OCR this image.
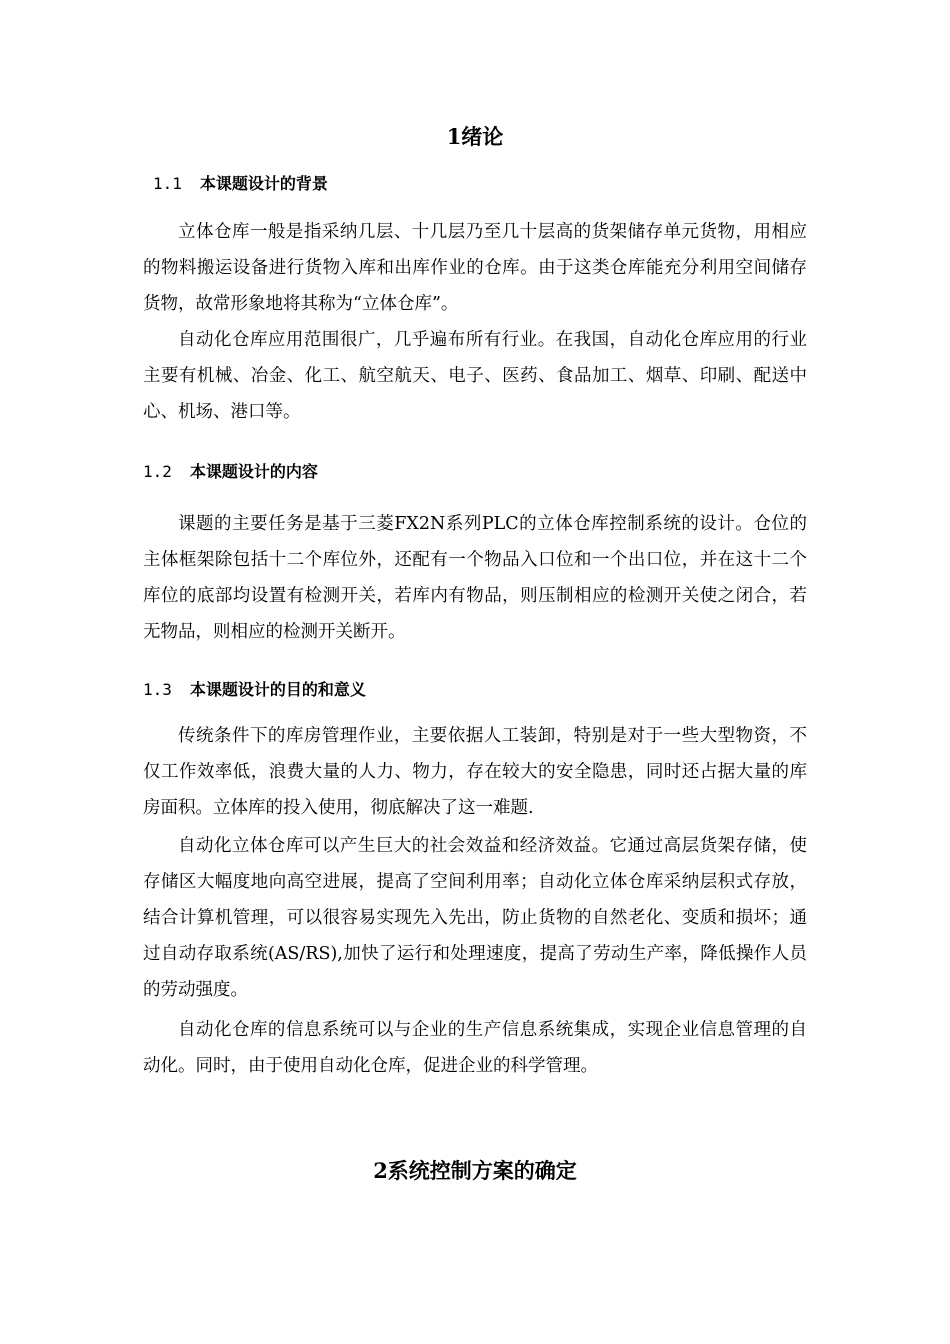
1绪论
1.1 本课题设计的背景

立体仓库一般是指采纳几层、十几层乃至几十层高的货架储存单元货物，用相应的物料搬运设备进行货物入库和出库作业的仓库。由于这类仓库能充分利用空间储存货物，故常形象地将其称为“立体仓库”。

自动化仓库应用范围很广，几乎遍布所有行业。在我国，自动化仓库应用的行业主要有机械、冶金、化工、航空航天、电子、医药、食品加工、烟草、印刷、配送中心、机场、港口等。

1.2 本课题设计的内容

课题的主要任务是基于三菱FX2N系列PLC的立体仓库控制系统的设计。仓位的主体框架除包括十二个库位外，还配有一个物品入口位和一个出口位，并在这十二个库位的底部均设置有检测开关，若库内有物品，则压制相应的检测开关使之闭合，若无物品，则相应的检测开关断开。

1.3 本课题设计的目的和意义

传统条件下的库房管理作业，主要依据人工装卸，特别是对于一些大型物资，不仅工作效率低，浪费大量的人力、物力，存在较大的安全隐患，同时还占据大量的库房面积。立体库的投入使用，彻底解决了这一难题.

自动化立体仓库可以产生巨大的社会效益和经济效益。它通过高层货架存储，使存储区大幅度地向高空进展，提高了空间利用率；自动化立体仓库采纳层积式存放，结合计算机管理，可以很容易实现先入先出，防止货物的自然老化、变质和损坏；通过自动存取系统(AS/RS),加快了运行和处理速度，提高了劳动生产率，降低操作人员的劳动强度。

自动化仓库的信息系统可以与企业的生产信息系统集成，实现企业信息管理的自动化。同时，由于使用自动化仓库，促进企业的科学管理。

2系统控制方案的确定
